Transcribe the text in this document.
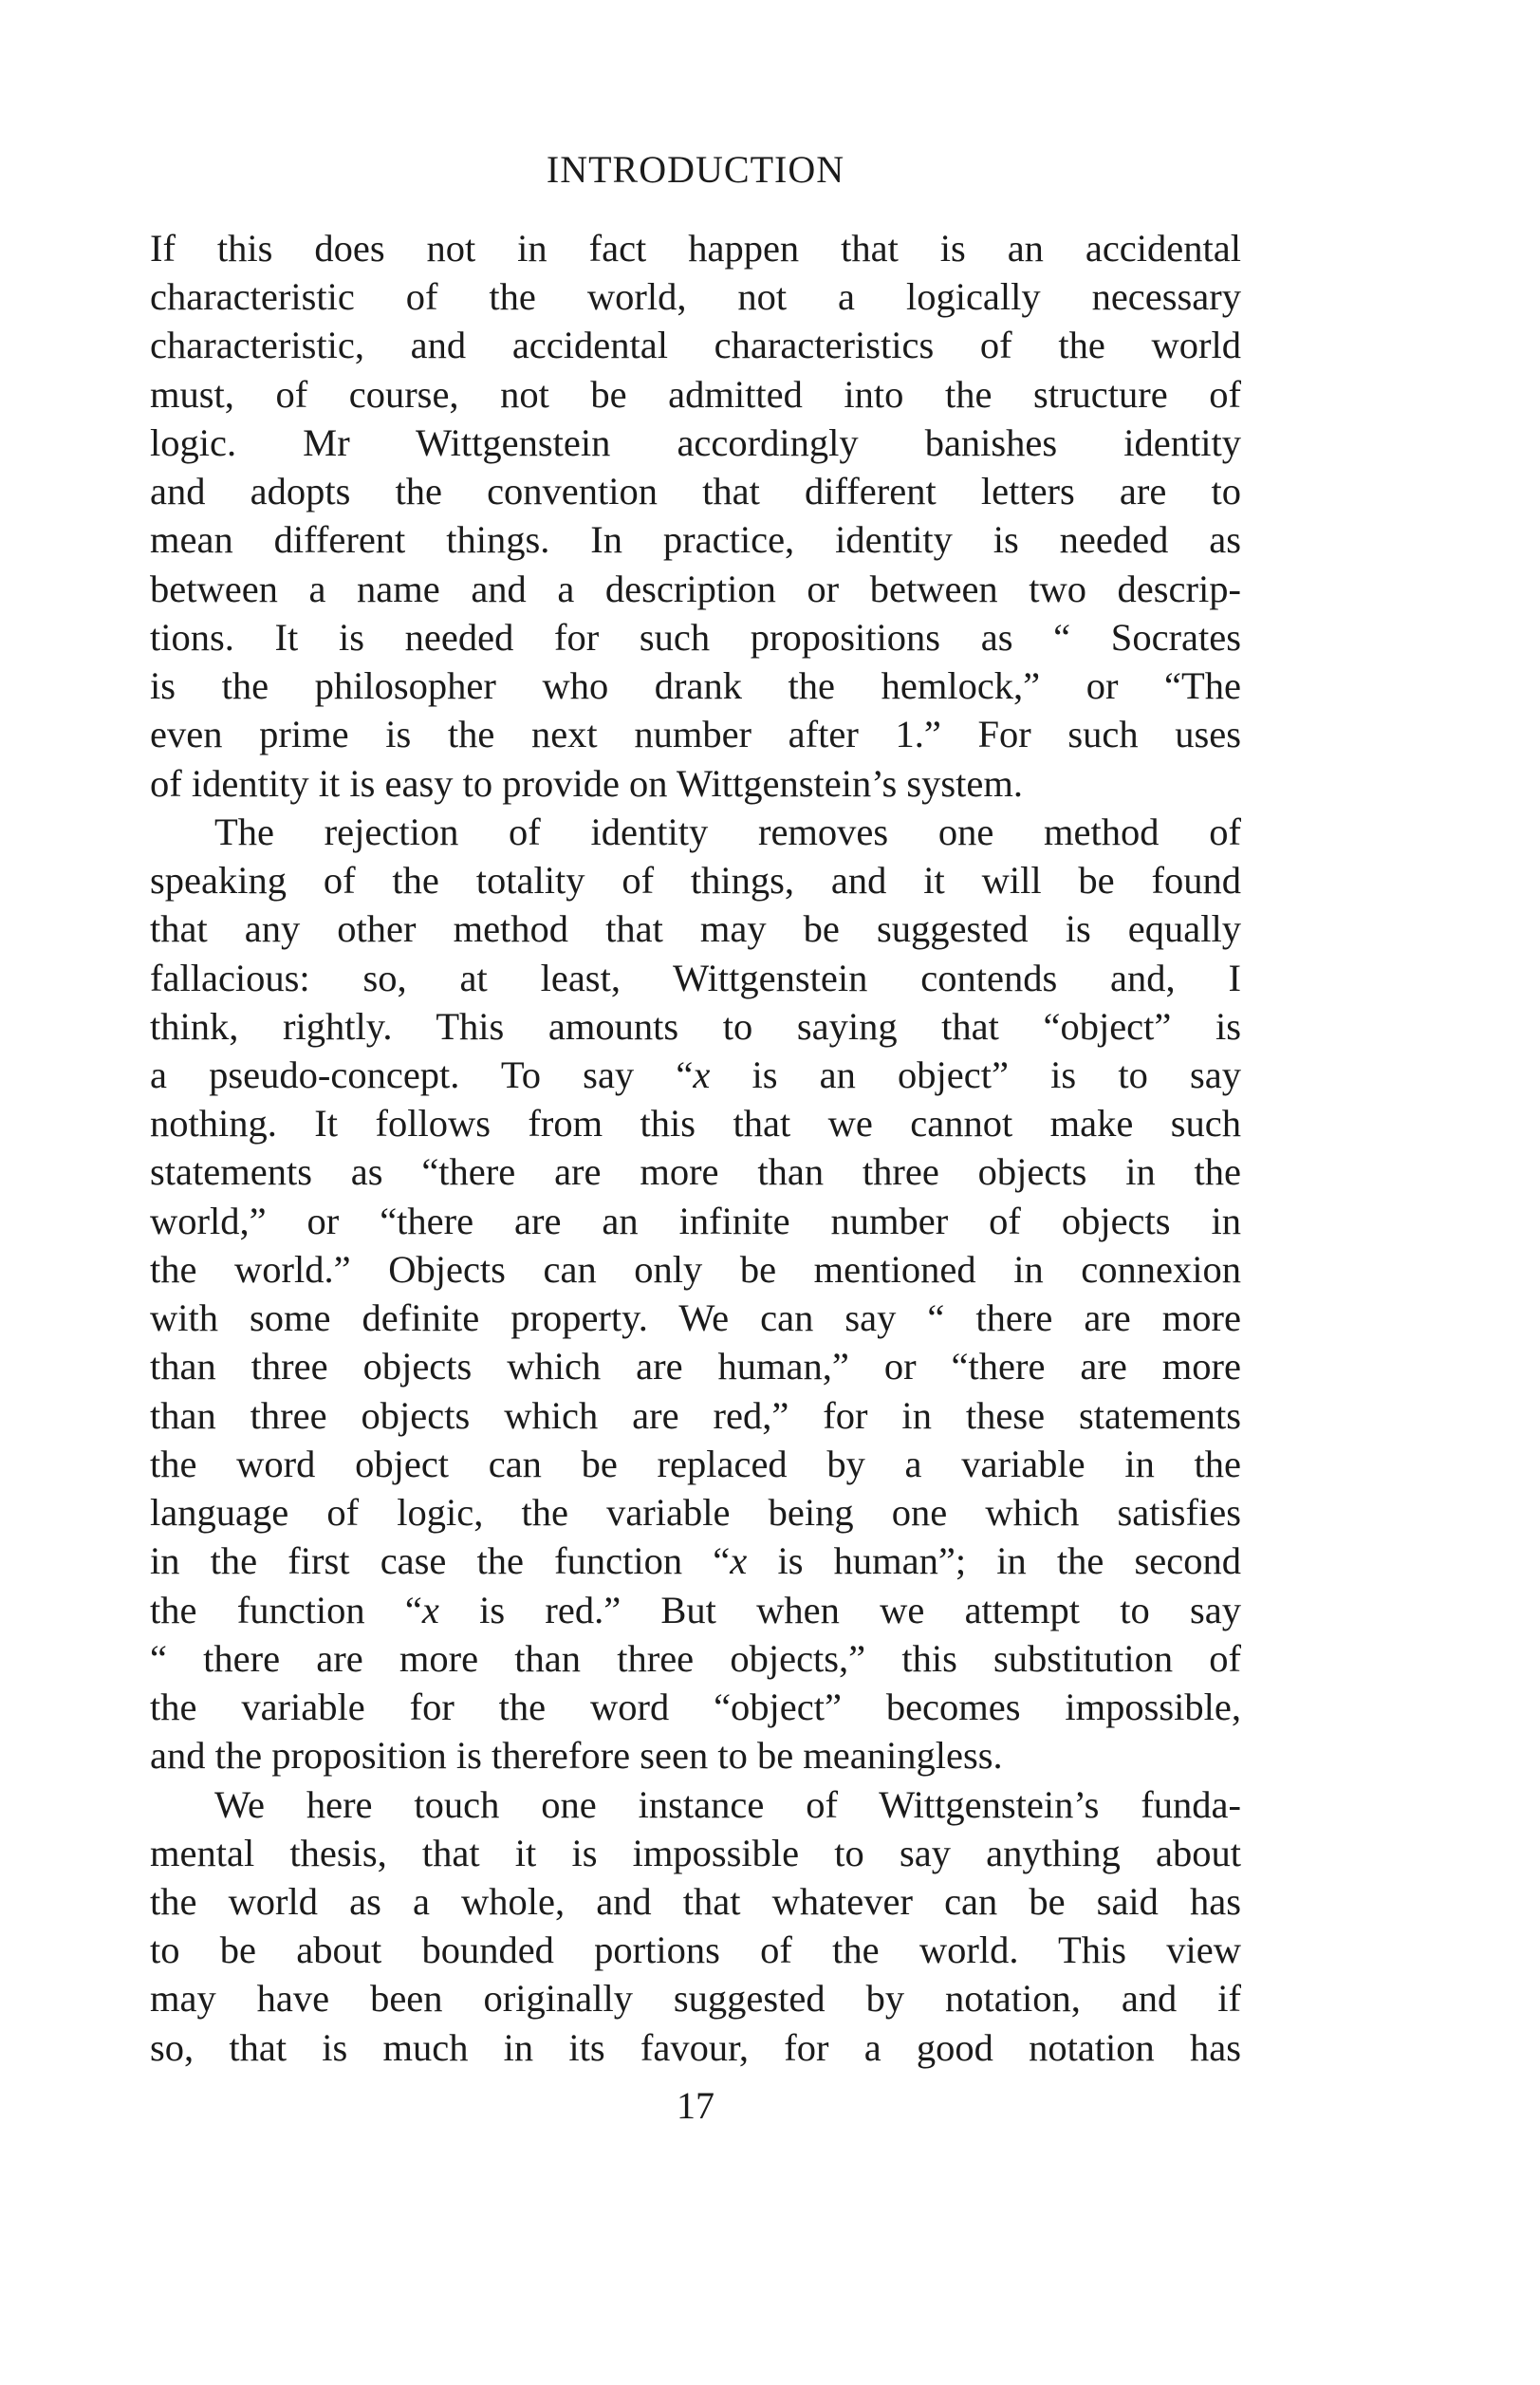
INTRODUCTION
If this does not in fact happen that is an accidental
characteristic of the world, not a logically necessary
characteristic, and accidental characteristics of the world
must, of course, not be admitted into the structure of
logic. Mr Wittgenstein accordingly banishes identity
and adopts the convention that different letters are to
mean different things. In practice, identity is needed as
between a name and a description or between two descrip-
tions. It is needed for such propositions as “ Socrates
is the philosopher who drank the hemlock,” or “The
even prime is the next number after 1.” For such uses
of identity it is easy to provide on Wittgenstein’s system.
The rejection of identity removes one method of
speaking of the totality of things, and it will be found
that any other method that may be suggested is equally
fallacious: so, at least, Wittgenstein contends and, I
think, rightly. This amounts to saying that “object” is
a pseudo-concept. To say “x is an object” is to say
nothing. It follows from this that we cannot make such
statements as “there are more than three objects in the
world,” or “there are an infinite number of objects in
the world.” Objects can only be mentioned in connexion
with some definite property. We can say “ there are more
than three objects which are human,” or “there are more
than three objects which are red,” for in these statements
the word object can be replaced by a variable in the
language of logic, the variable being one which satisfies
in the first case the function “x is human”; in the second
the function “x is red.” But when we attempt to say
“ there are more than three objects,” this substitution of
the variable for the word “object” becomes impossible,
and the proposition is therefore seen to be meaningless.
We here touch one instance of Wittgenstein’s funda-
mental thesis, that it is impossible to say anything about
the world as a whole, and that whatever can be said has
to be about bounded portions of the world. This view
may have been originally suggested by notation, and if
so, that is much in its favour, for a good notation has
17
